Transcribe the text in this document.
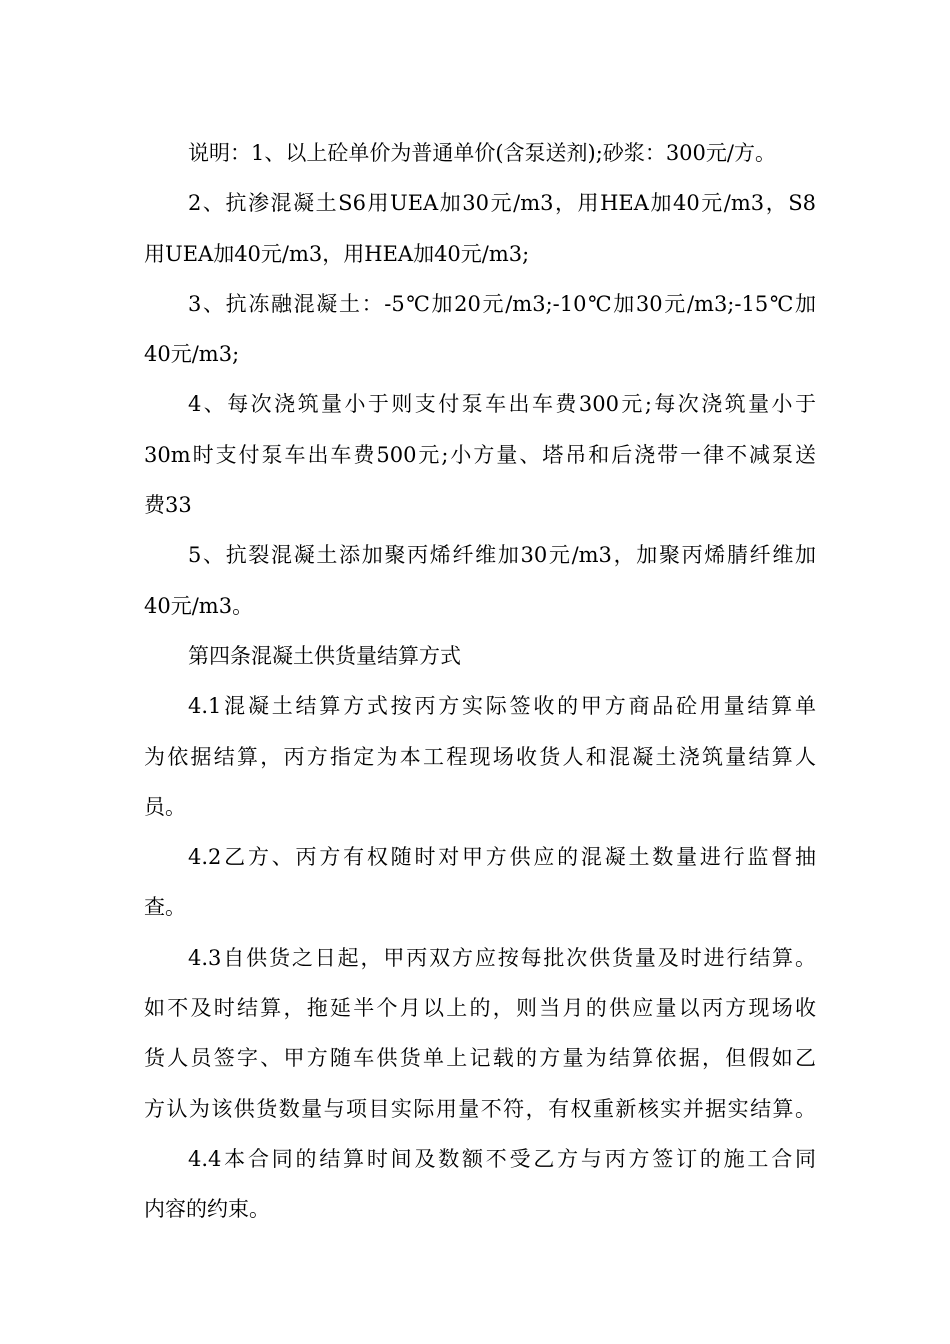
说明：1、以上砼单价为普通单价(含泵送剂);砂浆：300元/方。
2、抗渗混凝土S6用UEA加30元/m3，用HEA加40元/m3，S8
用UEA加40元/m3，用HEA加40元/m3;
3、抗冻融混凝土：-5℃加20元/m3;-10℃加30元/m3;-15℃加
40元/m3;
4、每次浇筑量小于则支付泵车出车费300元;每次浇筑量小于
30m时支付泵车出车费500元;小方量、塔吊和后浇带一律不减泵送
费33
5、抗裂混凝土添加聚丙烯纤维加30元/m3，加聚丙烯腈纤维加
40元/m3。
第四条混凝土供货量结算方式
4.1混凝土结算方式按丙方实际签收的甲方商品砼用量结算单
为依据结算，丙方指定为本工程现场收货人和混凝土浇筑量结算人
员。
4.2乙方、丙方有权随时对甲方供应的混凝土数量进行监督抽
查。
4.3自供货之日起，甲丙双方应按每批次供货量及时进行结算。
如不及时结算，拖延半个月以上的，则当月的供应量以丙方现场收
货人员签字、甲方随车供货单上记载的方量为结算依据，但假如乙
方认为该供货数量与项目实际用量不符，有权重新核实并据实结算。
4.4本合同的结算时间及数额不受乙方与丙方签订的施工合同
内容的约束。
